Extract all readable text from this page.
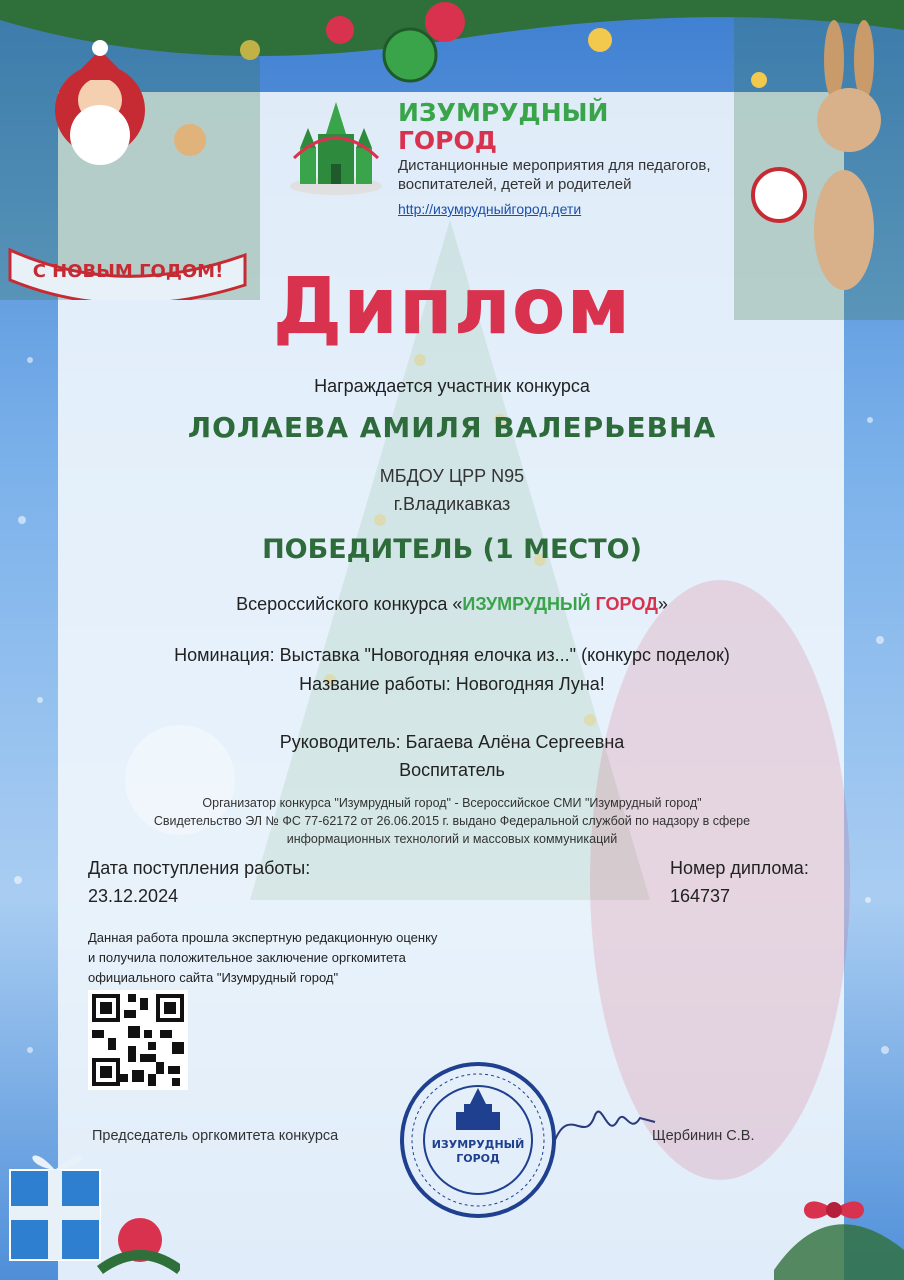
С НОВЫМ ГОДОМ!
ИЗУМРУДНЫЙ
ГОРОД
Дистанционные мероприятия для педагогов,
воспитателей, детей и родителей
http://изумрудныйгород.дети
Диплом
Награждается участник конкурса
ЛОЛАЕВА АМИЛЯ ВАЛЕРЬЕВНА
МБДОУ ЦРР N95
г.Владикавказ
ПОБЕДИТЕЛЬ (1 МЕСТО)
Всероссийского конкурса «ИЗУМРУДНЫЙ ГОРОД»
Номинация: Выставка "Новогодняя елочка из..." (конкурс поделок)
Название работы: Новогодняя Луна!
Руководитель: Багаева Алёна Сергеевна
Воспитатель
Организатор конкурса "Изумрудный город" - Всероссийское СМИ "Изумрудный город"
Свидетельство ЭЛ № ФС 77-62172 от 26.06.2015 г. выдано Федеральной службой по надзору в сфере
информационных технологий и массовых коммуникаций
Дата поступления работы:
23.12.2024
Номер диплома:
164737
Данная работа прошла экспертную редакционную оценку
и получила положительное заключение оргкомитета
официального сайта "Изумрудный город"
Председатель оргкомитета конкурса
ИЗУМРУДНЫЙ
ГОРОД
Щербинин С.В.
